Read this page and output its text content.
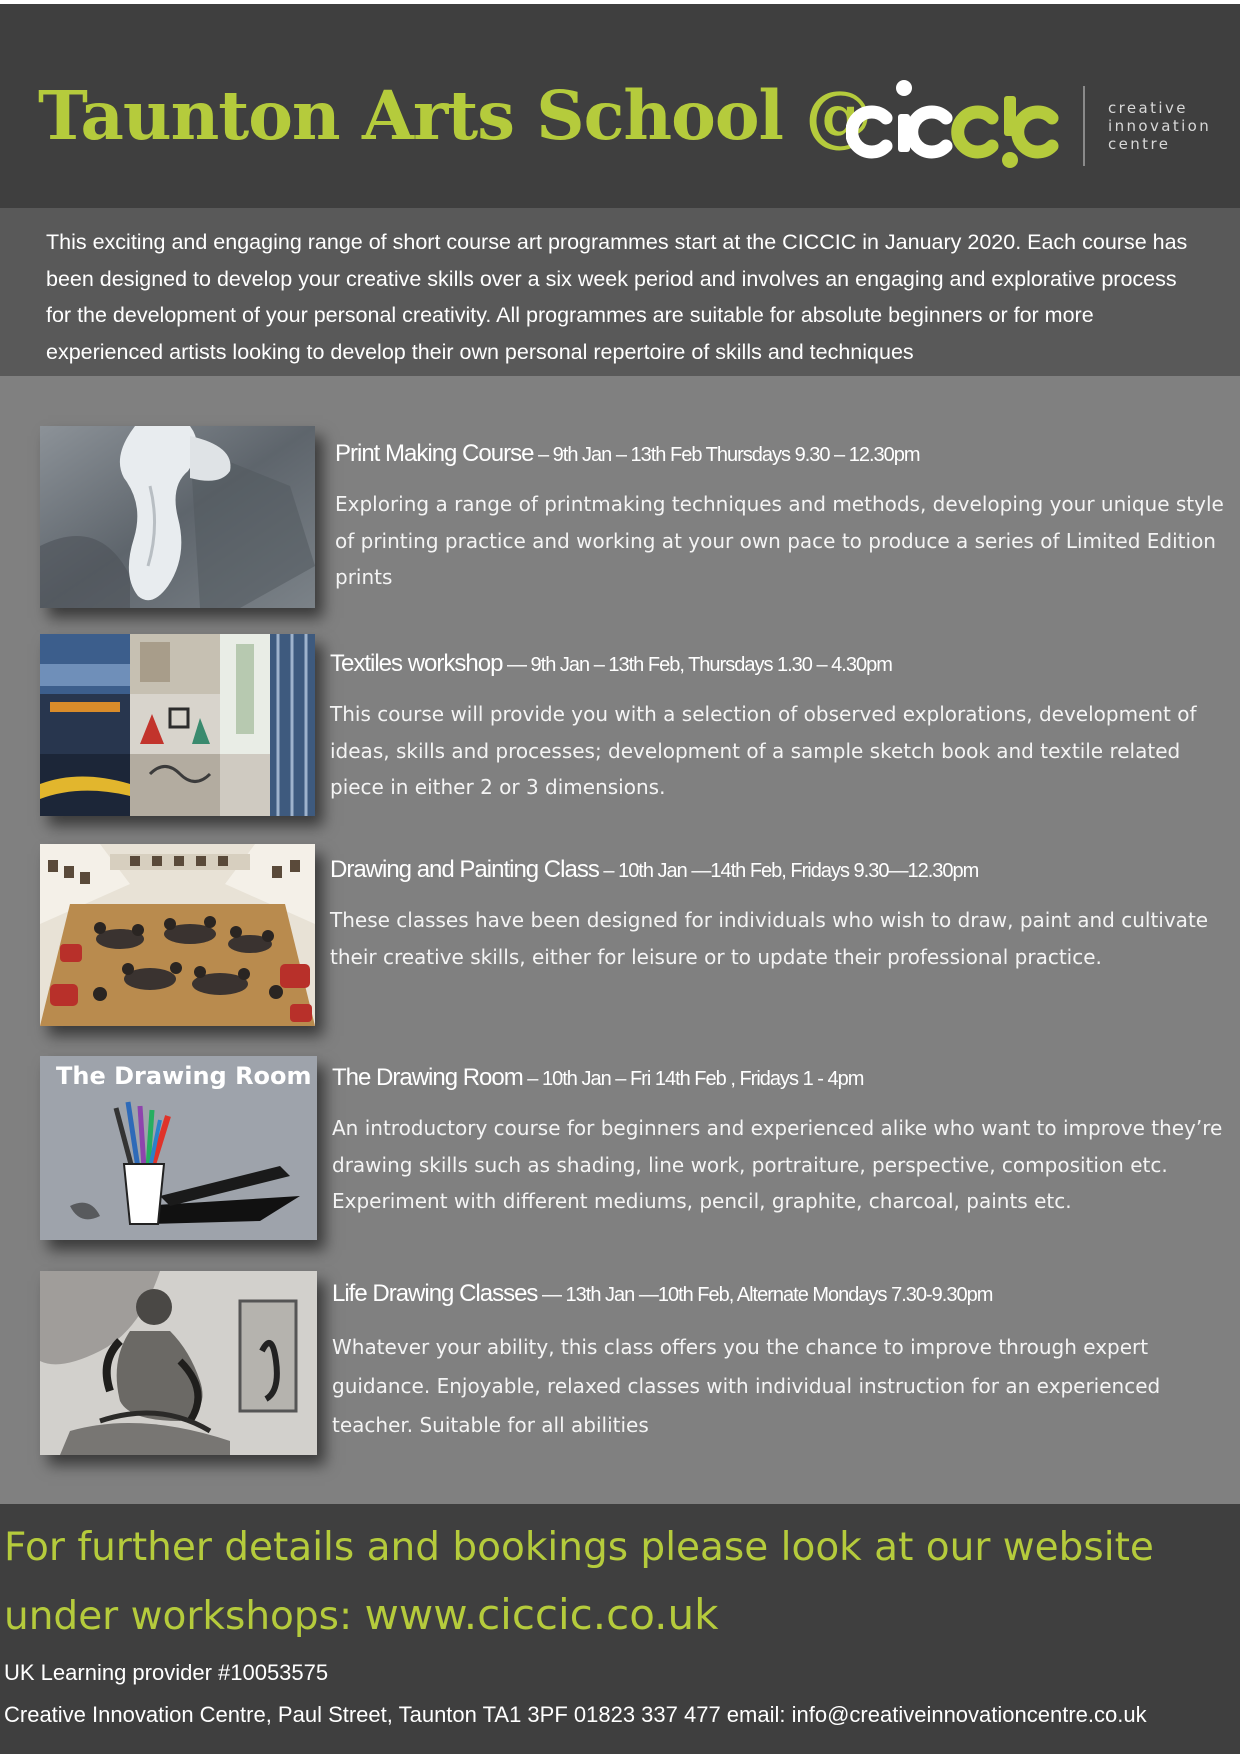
Taunton Arts School @	creative
innovation
centre

This exciting and engaging range of short course art programmes start at the CICCIC in January 2020. Each course has been designed to develop your creative skills over a six week period and involves an engaging and explorative process for the development of your personal creativity. All programmes are suitable for absolute beginners or for more experienced artists looking to develop their own personal repertoire of skills and techniques

Print Making Course – 9th Jan – 13th Feb Thursdays 9.30 – 12.30pm

Exploring a range of printmaking techniques and methods, developing your unique style of printing practice and working at your own pace to produce a series of Limited Edition prints

Textiles workshop — 9th Jan – 13th Feb, Thursdays 1.30 – 4.30pm

This course will provide you with a selection of observed explorations, development of ideas, skills and processes; development of a sample sketch book and textile related piece in either 2 or 3 dimensions.

Drawing and Painting Class – 10th Jan —14th Feb, Fridays 9.30—12.30pm

These classes have been designed for individuals who wish to draw, paint and cultivate their creative skills, either for leisure or to update their professional practice.

The Drawing Room The Drawing Room – 10th Jan – Fri 14th Feb , Fridays 1 - 4pm

An introductory course for beginners and experienced alike who want to improve they’re drawing skills such as shading, line work, portraiture, perspective, composition etc. Experiment with different mediums, pencil, graphite, charcoal, paints etc.

Life Drawing Classes — 13th Jan —10th Feb, Alternate Mondays 7.30-9.30pm

Whatever your ability, this class offers you the chance to improve through expert guidance. Enjoyable, relaxed classes with individual instruction for an experienced teacher. Suitable for all abilities

For further details and bookings please look at our website under workshops: www.ciccic.co.uk

UK Learning provider #10053575
Creative Innovation Centre, Paul Street, Taunton TA1 3PF 01823 337 477 email: info@creativeinnovationcentre.co.uk
